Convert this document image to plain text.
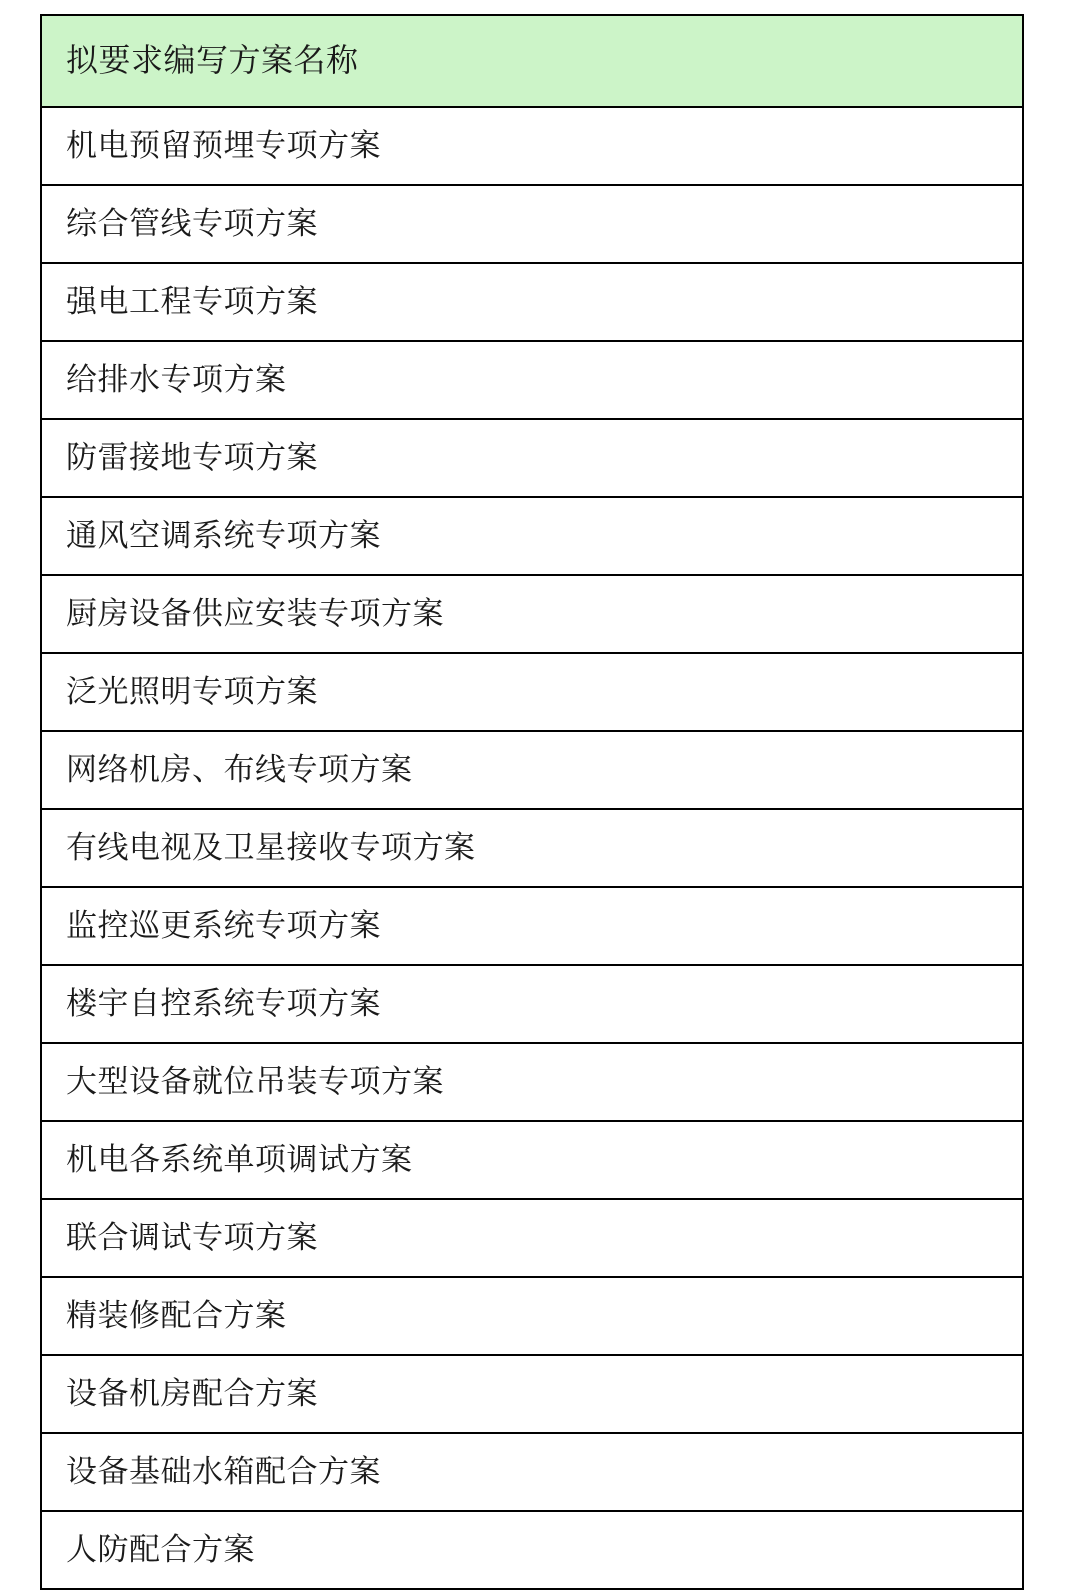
拟要求编写方案名称
机电预留预埋专项方案
综合管线专项方案
强电工程专项方案
给排水专项方案
防雷接地专项方案
通风空调系统专项方案
厨房设备供应安装专项方案
泛光照明专项方案
网络机房、布线专项方案
有线电视及卫星接收专项方案
监控巡更系统专项方案
楼宇自控系统专项方案
大型设备就位吊装专项方案
机电各系统单项调试方案
联合调试专项方案
精装修配合方案
设备机房配合方案
设备基础水箱配合方案
人防配合方案
